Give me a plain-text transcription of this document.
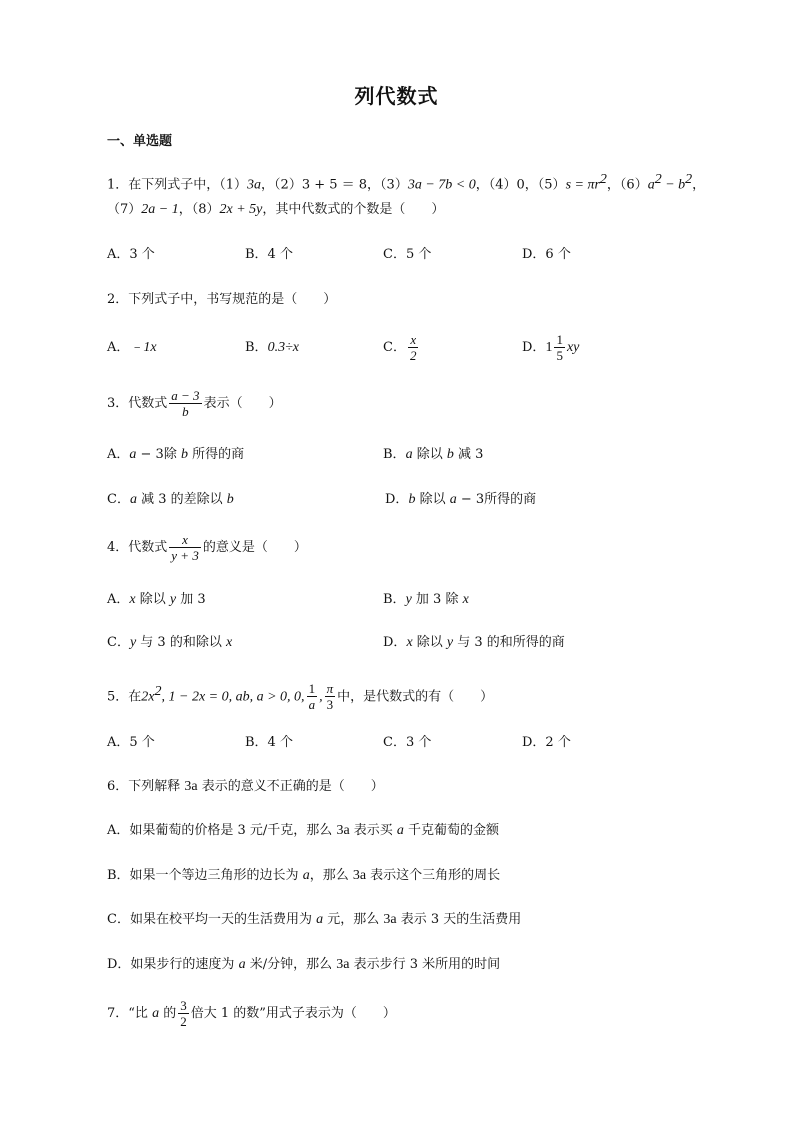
列代数式
一、单选题
1．在下列式子中，（1）3a，（2）3 + 5 ＝ 8，（3）3a − 7b < 0，（4）0，$(5)s = \pi r^2$，$(6)a^2 - b^2$，
（7）2a − 1，（8）2x + 5y，其中代数式的个数是（　　）
A．3 个	B．4 个	C．5 个	D．6 个
2．下列式子中，书写规范的是（　　）
A．﹣1x	B．0.3÷x	C． $\frac{x}{2}$	D．$1 \frac{1}{5}$ xy
3．代数式 $\frac{a - 3}{b}$ 表示（　　）
A．a − 3除 b 所得的商	B．a 除以 b 减 3
C．a 减 3 的差除以 b	D．b 除以 a − 3所得的商
4．代数式 $\frac{x}{y + 3}$ 的意义是（　　）
A．x 除以 y 加 3	B．y 加 3 除 x
C．y 与 3 的和除以 x	D．x 除以 y 与 3 的和所得的商
5．在$2x^2$, 1 − 2x = 0, ab, a > 0, 0, $\frac{1}{a}$ , $\frac{\pi}{3}$ 中，是代数式的有（　　）
A．5 个	B．4 个	C．3 个	D．2 个
6．下列解释 3a 表示的意义不正确的是（　　）
A．如果葡萄的价格是 3 元/千克，那么 3a 表示买 a 千克葡萄的金额
B．如果一个等边三角形的边长为 a，那么 3a 表示这个三角形的周长
C．如果在校平均一天的生活费用为 a 元，那么 3a 表示 3 天的生活费用
D．如果步行的速度为 a 米/分钟，那么 3a 表示步行 3 米所用的时间
7．“比 a 的 $\frac{3}{2}$ 倍大 1 的数”用式子表示为（　　）
